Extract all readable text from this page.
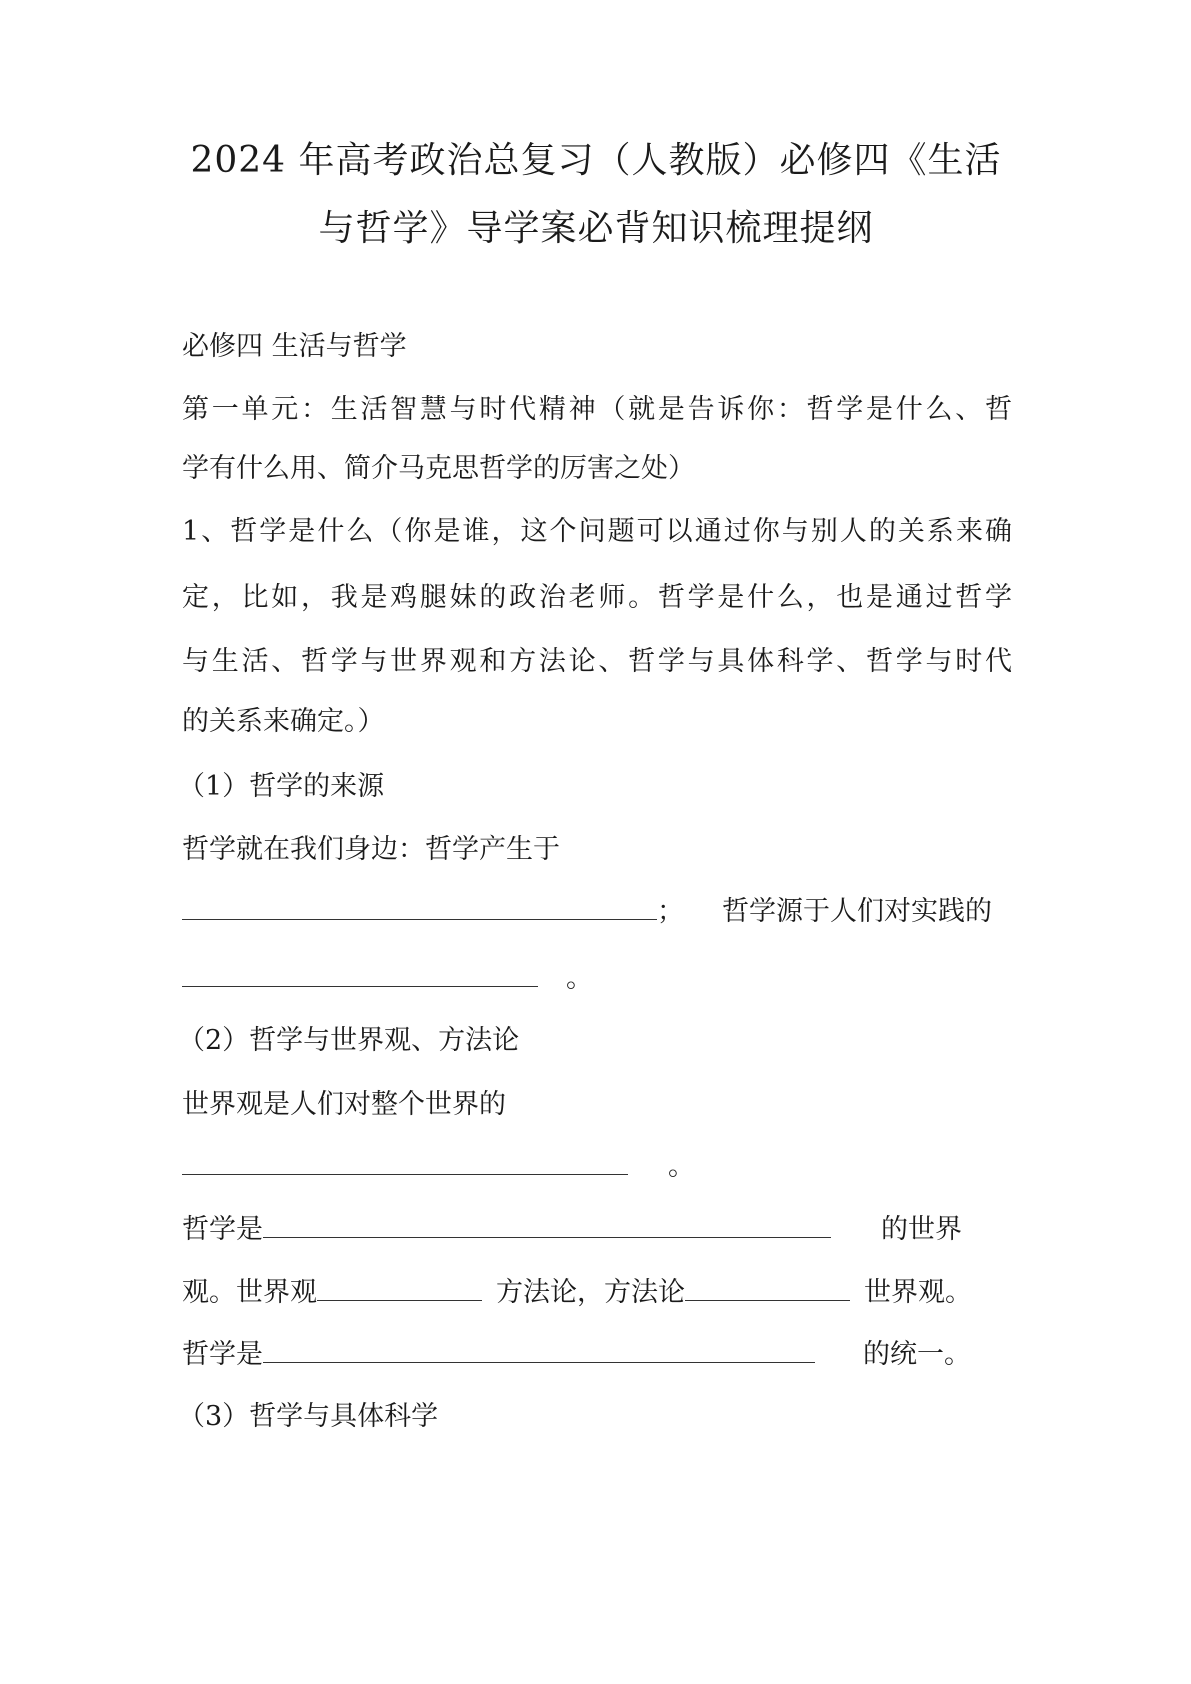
2024 年高考政治总复习（人教版）必修四《生活
与哲学》导学案必背知识梳理提纲
必修四 生活与哲学
第一单元：生活智慧与时代精神（就是告诉你：哲学是什么、哲
学有什么用、简介马克思哲学的厉害之处）
1、哲学是什么（你是谁，这个问题可以通过你与别人的关系来确
定，比如，我是鸡腿妹的政治老师。哲学是什么，也是通过哲学
与生活、哲学与世界观和方法论、哲学与具体科学、哲学与时代
的关系来确定。）
（1）哲学的来源
哲学就在我们身边：哲学产生于
； 哲学源于人们对实践的
。
（2）哲学与世界观、方法论
世界观是人们对整个世界的
。
哲学是	的世界
观。世界观	方法论，方法论	世界观。
哲学是	的统一。
（3）哲学与具体科学
